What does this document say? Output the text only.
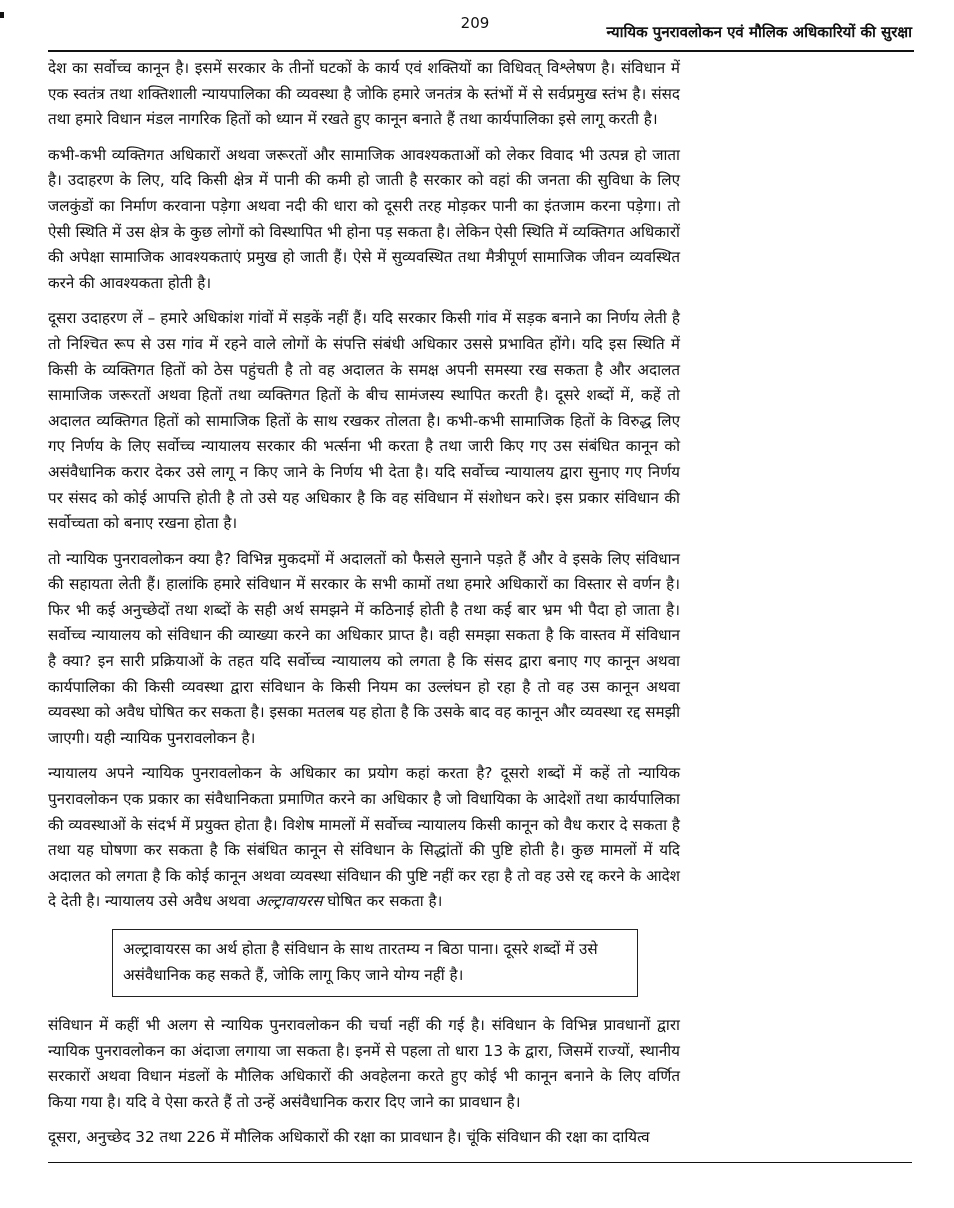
209	न्यायिक पुनरावलोकन एवं मौलिक अधिकारियों की सुरक्षा

देश का सर्वोच्च कानून है। इसमें सरकार के तीनों घटकों के कार्य एवं शक्तियों का विधिवत् विश्लेषण है। संविधान में एक स्वतंत्र तथा शक्तिशाली न्यायपालिका की व्यवस्था है जोकि हमारे जनतंत्र के स्तंभों में से सर्वप्रमुख स्तंभ है। संसद तथा हमारे विधान मंडल नागरिक हितों को ध्यान में रखते हुए कानून बनाते हैं तथा कार्यपालिका इसे लागू करती है।

कभी-कभी व्यक्तिगत अधिकारों अथवा जरूरतों और सामाजिक आवश्यकताओं को लेकर विवाद भी उत्पन्न हो जाता है। उदाहरण के लिए, यदि किसी क्षेत्र में पानी की कमी हो जाती है सरकार को वहां की जनता की सुविधा के लिए जलकुंडों का निर्माण करवाना पड़ेगा अथवा नदी की धारा को दूसरी तरह मोड़कर पानी का इंतजाम करना पड़ेगा। तो ऐसी स्थिति में उस क्षेत्र के कुछ लोगों को विस्थापित भी होना पड़ सकता है। लेकिन ऐसी स्थिति में व्यक्तिगत अधिकारों की अपेक्षा सामाजिक आवश्यकताएं प्रमुख हो जाती हैं। ऐसे में सुव्यवस्थित तथा मैत्रीपूर्ण सामाजिक जीवन व्यवस्थित करने की आवश्यकता होती है।

दूसरा उदाहरण लें – हमारे अधिकांश गांवों में सड़कें नहीं हैं। यदि सरकार किसी गांव में सड़क बनाने का निर्णय लेती है तो निश्चित रूप से उस गांव में रहने वाले लोगों के संपत्ति संबंधी अधिकार उससे प्रभावित होंगे। यदि इस स्थिति में किसी के व्यक्तिगत हितों को ठेस पहुंचती है तो वह अदालत के समक्ष अपनी समस्या रख सकता है और अदालत सामाजिक जरूरतों अथवा हितों तथा व्यक्तिगत हितों के बीच सामंजस्य स्थापित करती है। दूसरे शब्दों में, कहें तो अदालत व्यक्तिगत हितों को सामाजिक हितों के साथ रखकर तोलता है। कभी-कभी सामाजिक हितों के विरुद्ध लिए गए निर्णय के लिए सर्वोच्च न्यायालय सरकार की भर्त्सना भी करता है तथा जारी किए गए उस संबंधित कानून को असंवैधानिक करार देकर उसे लागू न किए जाने के निर्णय भी देता है। यदि सर्वोच्च न्यायालय द्वारा सुनाए गए निर्णय पर संसद को कोई आपत्ति होती है तो उसे यह अधिकार है कि वह संविधान में संशोधन करे। इस प्रकार संविधान की सर्वोच्चता को बनाए रखना होता है।

तो न्यायिक पुनरावलोकन क्या है? विभिन्न मुकदमों में अदालतों को फैसले सुनाने पड़ते हैं और वे इसके लिए संविधान की सहायता लेती हैं। हालांकि हमारे संविधान में सरकार के सभी कामों तथा हमारे अधिकारों का विस्तार से वर्णन है। फिर भी कई अनुच्छेदों तथा शब्दों के सही अर्थ समझने में कठिनाई होती है तथा कई बार भ्रम भी पैदा हो जाता है। सर्वोच्च न्यायालय को संविधान की व्याख्या करने का अधिकार प्राप्त है। वही समझा सकता है कि वास्तव में संविधान है क्या? इन सारी प्रक्रियाओं के तहत यदि सर्वोच्च न्यायालय को लगता है कि संसद द्वारा बनाए गए कानून अथवा कार्यपालिका की किसी व्यवस्था द्वारा संविधान के किसी नियम का उल्लंघन हो रहा है तो वह उस कानून अथवा व्यवस्था को अवैध घोषित कर सकता है। इसका मतलब यह होता है कि उसके बाद वह कानून और व्यवस्था रद्द समझी जाएगी। यही न्यायिक पुनरावलोकन है।

न्यायालय अपने न्यायिक पुनरावलोकन के अधिकार का प्रयोग कहां करता है? दूसरो शब्दों में कहें तो न्यायिक पुनरावलोकन एक प्रकार का संवैधानिकता प्रमाणित करने का अधिकार है जो विधायिका के आदेशों तथा कार्यपालिका की व्यवस्थाओं के संदर्भ में प्रयुक्त होता है। विशेष मामलों में सर्वोच्च न्यायालय किसी कानून को वैध करार दे सकता है तथा यह घोषणा कर सकता है कि संबंधित कानून से संविधान के सिद्धांतों की पुष्टि होती है। कुछ मामलों में यदि अदालत को लगता है कि कोई कानून अथवा व्यवस्था संविधान की पुष्टि नहीं कर रहा है तो वह उसे रद्द करने के आदेश दे देती है। न्यायालय उसे अवैध अथवा अल्ट्रावायरस घोषित कर सकता है।

अल्ट्रावायरस का अर्थ होता है संविधान के साथ तारतम्य न बिठा पाना। दूसरे शब्दों में उसे असंवैधानिक कह सकते हैं, जोकि लागू किए जाने योग्य नहीं है।

संविधान में कहीं भी अलग से न्यायिक पुनरावलोकन की चर्चा नहीं की गई है। संविधान के विभिन्न प्रावधानों द्वारा न्यायिक पुनरावलोकन का अंदाजा लगाया जा सकता है। इनमें से पहला तो धारा 13 के द्वारा, जिसमें राज्यों, स्थानीय सरकारों अथवा विधान मंडलों के मौलिक अधिकारों की अवहेलना करते हुए कोई भी कानून बनाने के लिए वर्णित किया गया है। यदि वे ऐसा करते हैं तो उन्हें असंवैधानिक करार दिए जाने का प्रावधान है।

दूसरा, अनुच्छेद 32 तथा 226 में मौलिक अधिकारों की रक्षा का प्रावधान है। चूंकि संविधान की रक्षा का दायित्व
